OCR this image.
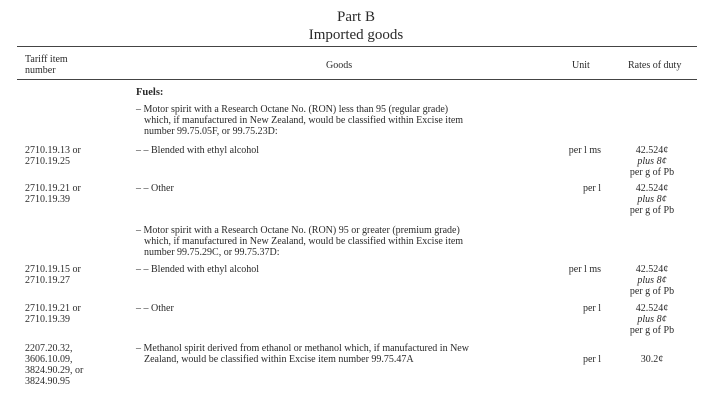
Part B
Imported goods
Tariff item
number	Goods	Unit	Rates of duty
Fuels:
– Motor spirit with a Research Octane No. (RON) less than 95 (regular grade)
which, if manufactured in New Zealand, would be classified within Excise item
number 99.75.05F, or 99.75.23D:
2710.19.13 or
2710.19.25
– – Blended with ethyl alcohol	per l ms	42.524¢
plus 8¢
per g of Pb
2710.19.21 or
2710.19.39
– – Other	per l	42.524¢
plus 8¢
per g of Pb
– Motor spirit with a Research Octane No. (RON) 95 or greater (premium grade)
which, if manufactured in New Zealand, would be classified within Excise item
number 99.75.29C, or 99.75.37D:
2710.19.15 or
2710.19.27
– – Blended with ethyl alcohol	per l ms	42.524¢
plus 8¢
per g of Pb
2710.19.21 or
2710.19.39
– – Other	per l	42.524¢
plus 8¢
per g of Pb
2207.20.32,
3606.10.09,
3824.90.29, or
3824.90.95
– Methanol spirit derived from ethanol or methanol which, if manufactured in New
Zealand, would be classified within Excise item number 99.75.47A	per l	30.2¢
